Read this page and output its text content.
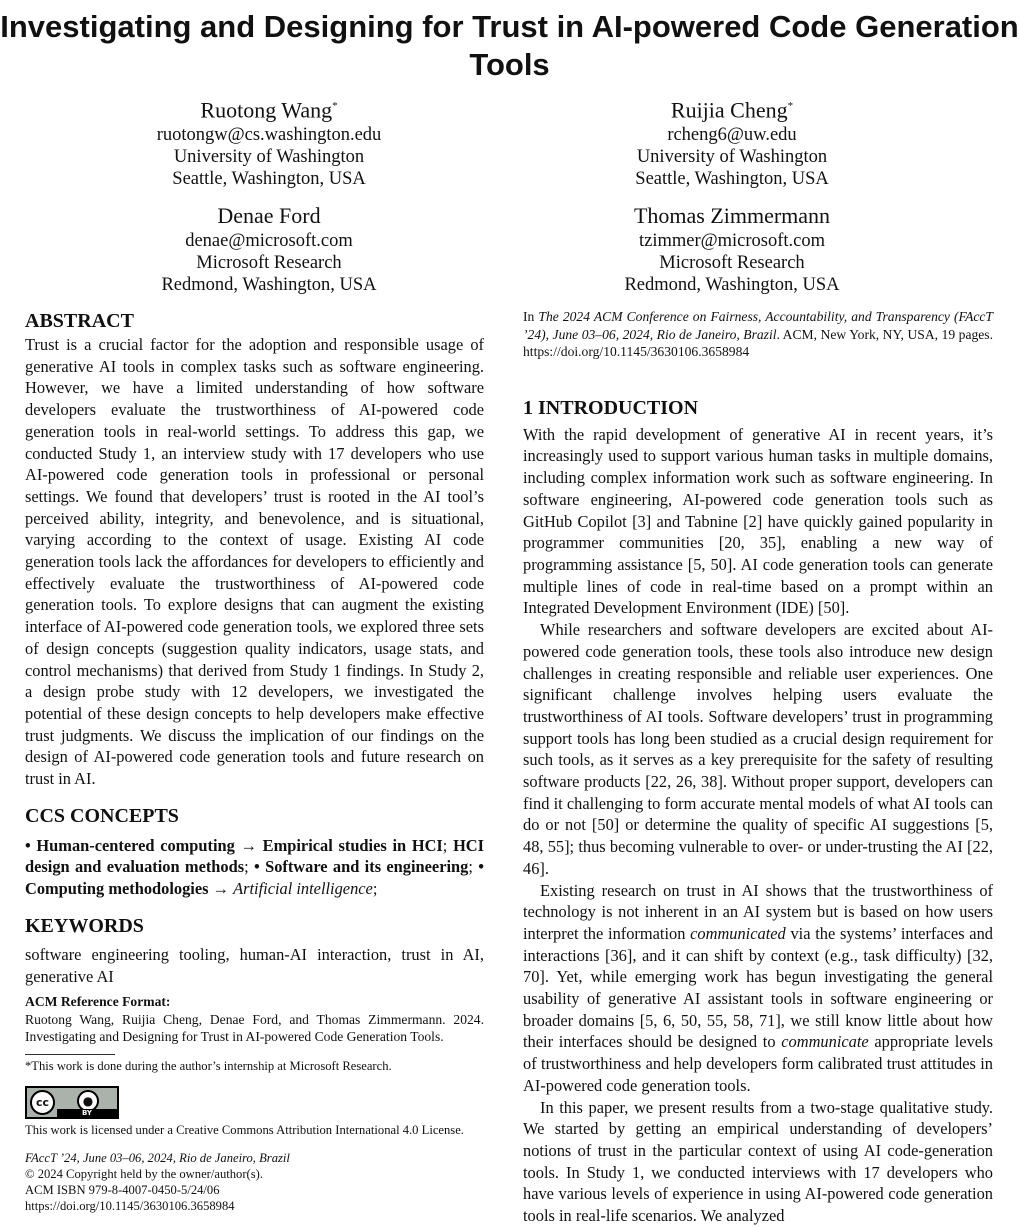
Investigating and Designing for Trust in AI-powered Code Generation Tools
Ruotong Wang*
ruotongw@cs.washington.edu
University of Washington
Seattle, Washington, USA
Ruijia Cheng*
rcheng6@uw.edu
University of Washington
Seattle, Washington, USA
Denae Ford
denae@microsoft.com
Microsoft Research
Redmond, Washington, USA
Thomas Zimmermann
tzimmer@microsoft.com
Microsoft Research
Redmond, Washington, USA
ABSTRACT

Trust is a crucial factor for the adoption and responsible usage of generative AI tools in complex tasks such as software engineering. However, we have a limited understanding of how software developers evaluate the trustworthiness of AI-powered code generation tools in real-world settings. To address this gap, we conducted Study 1, an interview study with 17 developers who use AI-powered code generation tools in professional or personal settings. We found that developers’ trust is rooted in the AI tool’s perceived ability, integrity, and benevolence, and is situational, varying according to the context of usage. Existing AI code generation tools lack the affordances for developers to efficiently and effectively evaluate the trustworthiness of AI-powered code generation tools. To explore designs that can augment the existing interface of AI-powered code generation tools, we explored three sets of design concepts (suggestion quality indicators, usage stats, and control mechanisms) that derived from Study 1 findings. In Study 2, a design probe study with 12 developers, we investigated the potential of these design concepts to help developers make effective trust judgments. We discuss the implication of our findings on the design of AI-powered code generation tools and future research on trust in AI.

CCS CONCEPTS

• Human-centered computing → Empirical studies in HCI; HCI design and evaluation methods; • Software and its engineering; • Computing methodologies → Artificial intelligence;

KEYWORDS

software engineering tooling, human-AI interaction, trust in AI, generative AI

ACM Reference Format:

Ruotong Wang, Ruijia Cheng, Denae Ford, and Thomas Zimmermann. 2024. Investigating and Designing for Trust in AI-powered Code Generation Tools.

*This work is done during the author’s internship at Microsoft Research.

cc	●
BY

This work is licensed under a Creative Commons Attribution International 4.0 License.

FAccT ’24, June 03–06, 2024, Rio de Janeiro, Brazil
© 2024 Copyright held by the owner/author(s).
ACM ISBN 979-8-4007-0450-5/24/06
https://doi.org/10.1145/3630106.3658984

In The 2024 ACM Conference on Fairness, Accountability, and Transparency (FAccT ’24), June 03–06, 2024, Rio de Janeiro, Brazil. ACM, New York, NY, USA, 19 pages. https://doi.org/10.1145/3630106.3658984

1 INTRODUCTION

With the rapid development of generative AI in recent years, it’s increasingly used to support various human tasks in multiple domains, including complex information work such as software engineering. In software engineering, AI-powered code generation tools such as GitHub Copilot [3] and Tabnine [2] have quickly gained popularity in programmer communities [20, 35], enabling a new way of programming assistance [5, 50]. AI code generation tools can generate multiple lines of code in real-time based on a prompt within an Integrated Development Environment (IDE) [50].

While researchers and software developers are excited about AI-powered code generation tools, these tools also introduce new design challenges in creating responsible and reliable user experiences. One significant challenge involves helping users evaluate the trustworthiness of AI tools. Software developers’ trust in programming support tools has long been studied as a crucial design requirement for such tools, as it serves as a key prerequisite for the safety of resulting software products [22, 26, 38]. Without proper support, developers can find it challenging to form accurate mental models of what AI tools can do or not [50] or determine the quality of specific AI suggestions [5, 48, 55]; thus becoming vulnerable to over- or under-trusting the AI [22, 46].

Existing research on trust in AI shows that the trustworthiness of technology is not inherent in an AI system but is based on how users interpret the information communicated via the systems’ interfaces and interactions [36], and it can shift by context (e.g., task difficulty) [32, 70]. Yet, while emerging work has begun investigating the general usability of generative AI assistant tools in software engineering or broader domains [5, 6, 50, 55, 58, 71], we still know little about how their interfaces should be designed to communicate appropriate levels of trustworthiness and help developers form calibrated trust attitudes in AI-powered code generation tools.

In this paper, we present results from a two-stage qualitative study. We started by getting an empirical understanding of developers’ notions of trust in the particular context of using AI code-generation tools. In Study 1, we conducted interviews with 17 developers who have various levels of experience in using AI-powered code generation tools in real-life scenarios. We analyzed
